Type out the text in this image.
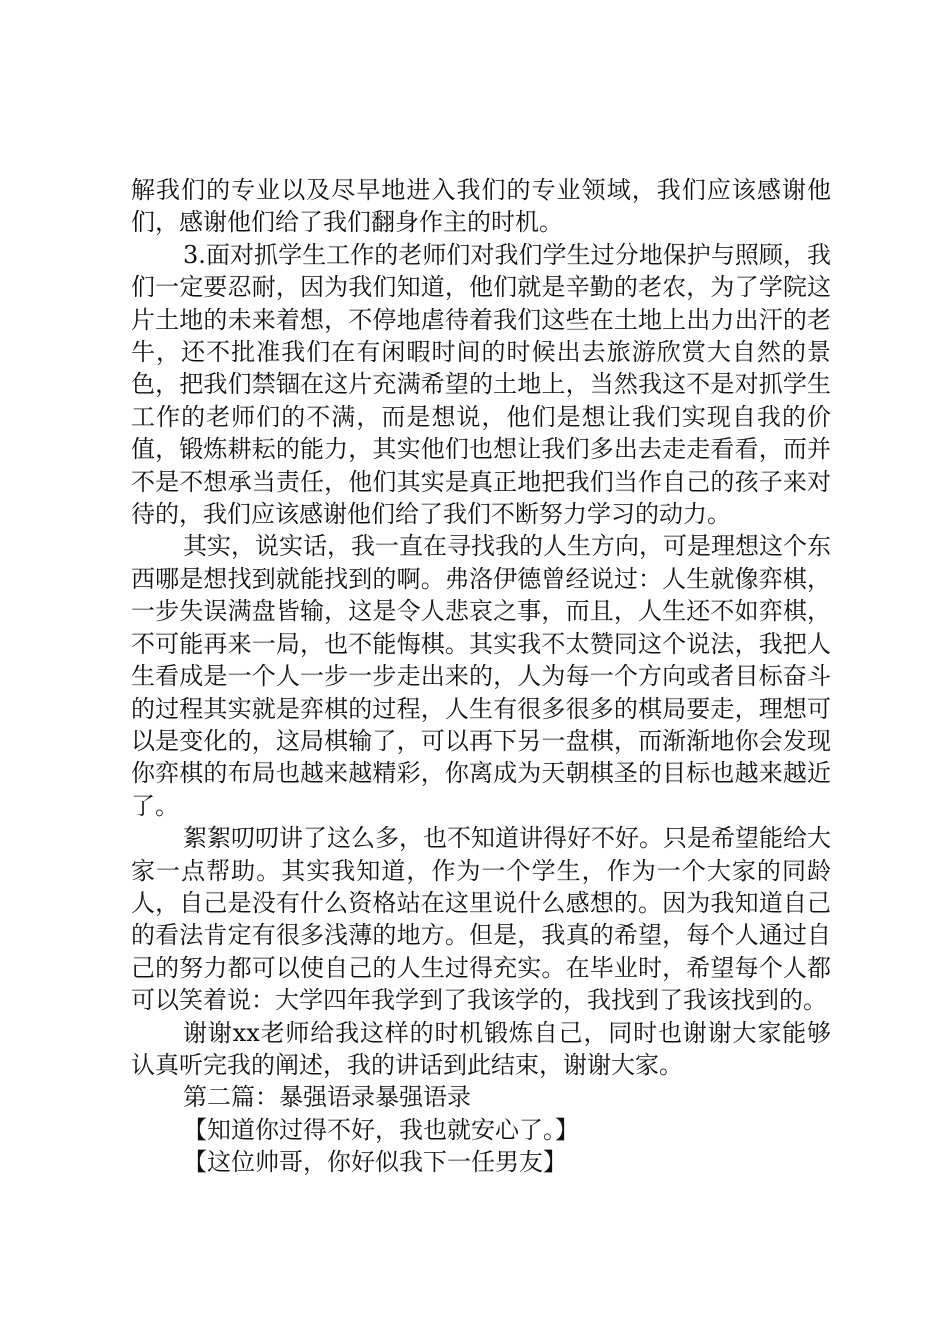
解我们的专业以及尽早地进入我们的专业领域，我们应该感谢他们，感谢他们给了我们翻身作主的时机。

3.面对抓学生工作的老师们对我们学生过分地保护与照顾，我们一定要忍耐，因为我们知道，他们就是辛勤的老农，为了学院这片土地的未来着想，不停地虐待着我们这些在土地上出力出汗的老牛，还不批准我们在有闲暇时间的时候出去旅游欣赏大自然的景色，把我们禁锢在这片充满希望的土地上，当然我这不是对抓学生工作的老师们的不满，而是想说，他们是想让我们实现自我的价值，锻炼耕耘的能力，其实他们也想让我们多出去走走看看，而并不是不想承当责任，他们其实是真正地把我们当作自己的孩子来对待的，我们应该感谢他们给了我们不断努力学习的动力。

其实，说实话，我一直在寻找我的人生方向，可是理想这个东西哪是想找到就能找到的啊。弗洛伊德曾经说过：人生就像弈棋，一步失误满盘皆输，这是令人悲哀之事，而且，人生还不如弈棋，不可能再来一局，也不能悔棋。其实我不太赞同这个说法，我把人生看成是一个人一步一步走出来的，人为每一个方向或者目标奋斗的过程其实就是弈棋的过程，人生有很多很多的棋局要走，理想可以是变化的，这局棋输了，可以再下另一盘棋，而渐渐地你会发现你弈棋的布局也越来越精彩，你离成为天朝棋圣的目标也越来越近了。

絮絮叨叨讲了这么多，也不知道讲得好不好。只是希望能给大家一点帮助。其实我知道，作为一个学生，作为一个大家的同龄人，自己是没有什么资格站在这里说什么感想的。因为我知道自己的看法肯定有很多浅薄的地方。但是，我真的希望，每个人通过自己的努力都可以使自己的人生过得充实。在毕业时，希望每个人都可以笑着说：大学四年我学到了我该学的，我找到了我该找到的。

谢谢xx老师给我这样的时机锻炼自己，同时也谢谢大家能够认真听完我的阐述，我的讲话到此结束，谢谢大家。

第二篇：暴强语录暴强语录

【知道你过得不好，我也就安心了。】

【这位帅哥，你好似我下一任男友】
